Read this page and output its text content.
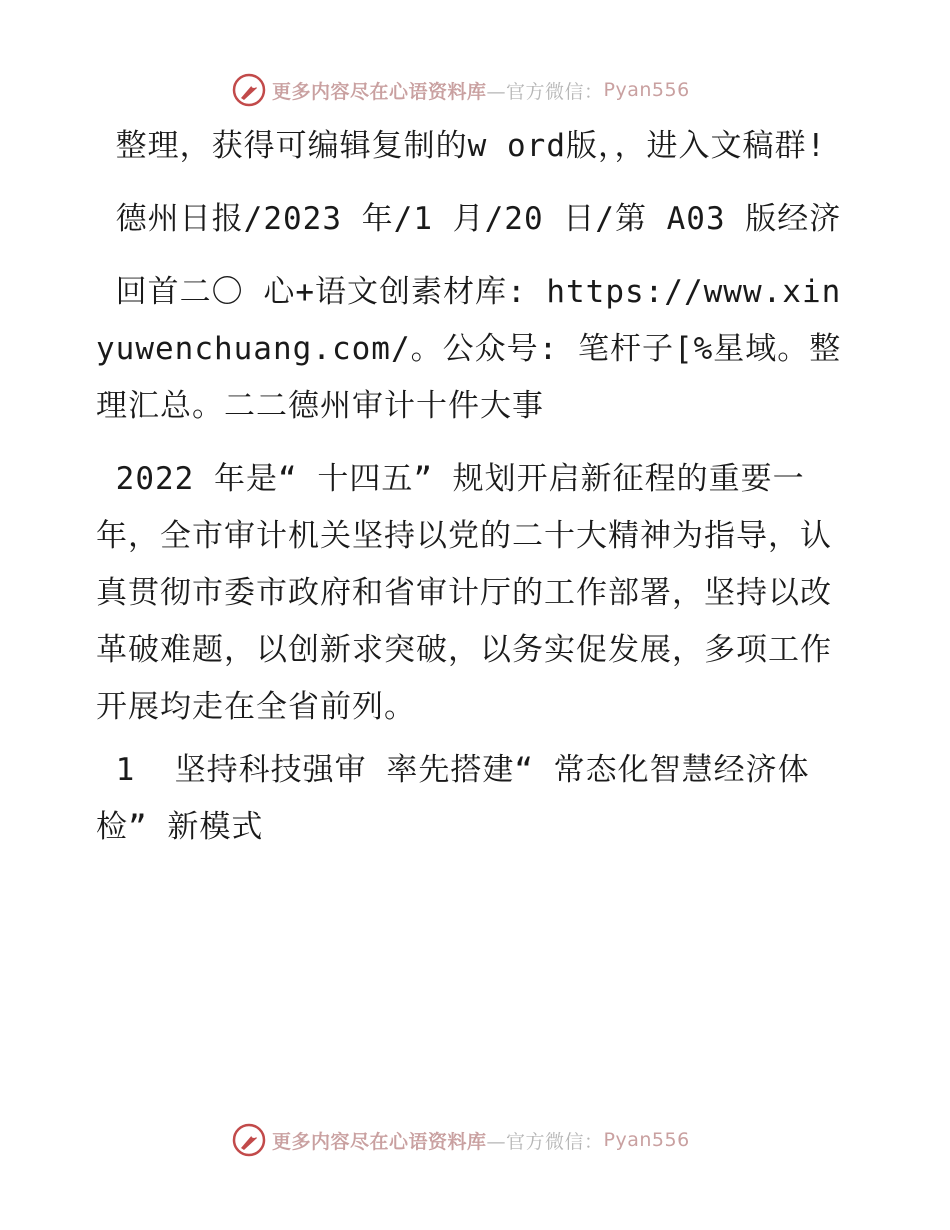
更多内容尽在心语资料库 —官方微信： Pyan556

整理，获得可编辑复制的w ord版，，进入文稿群!

德州日报/2023 年/1 月/20 日/第 A03 版经济

回首二〇 心+语文创素材库: https://www.xinyuwenchuang.com/。公众号: 笔杆子[%星域。整理汇总。二二德州审计十件大事

2022 年是“ 十四五” 规划开启新征程的重要一年，全市审计机关坚持以党的二十大精神为指导，认真贯彻市委市政府和省审计厅的工作部署，坚持以改革破难题，以创新求突破，以务实促发展，多项工作开展均走在全省前列。

1  坚持科技强审 率先搭建“ 常态化智慧经济体检” 新模式

更多内容尽在心语资料库 —官方微信： Pyan556
